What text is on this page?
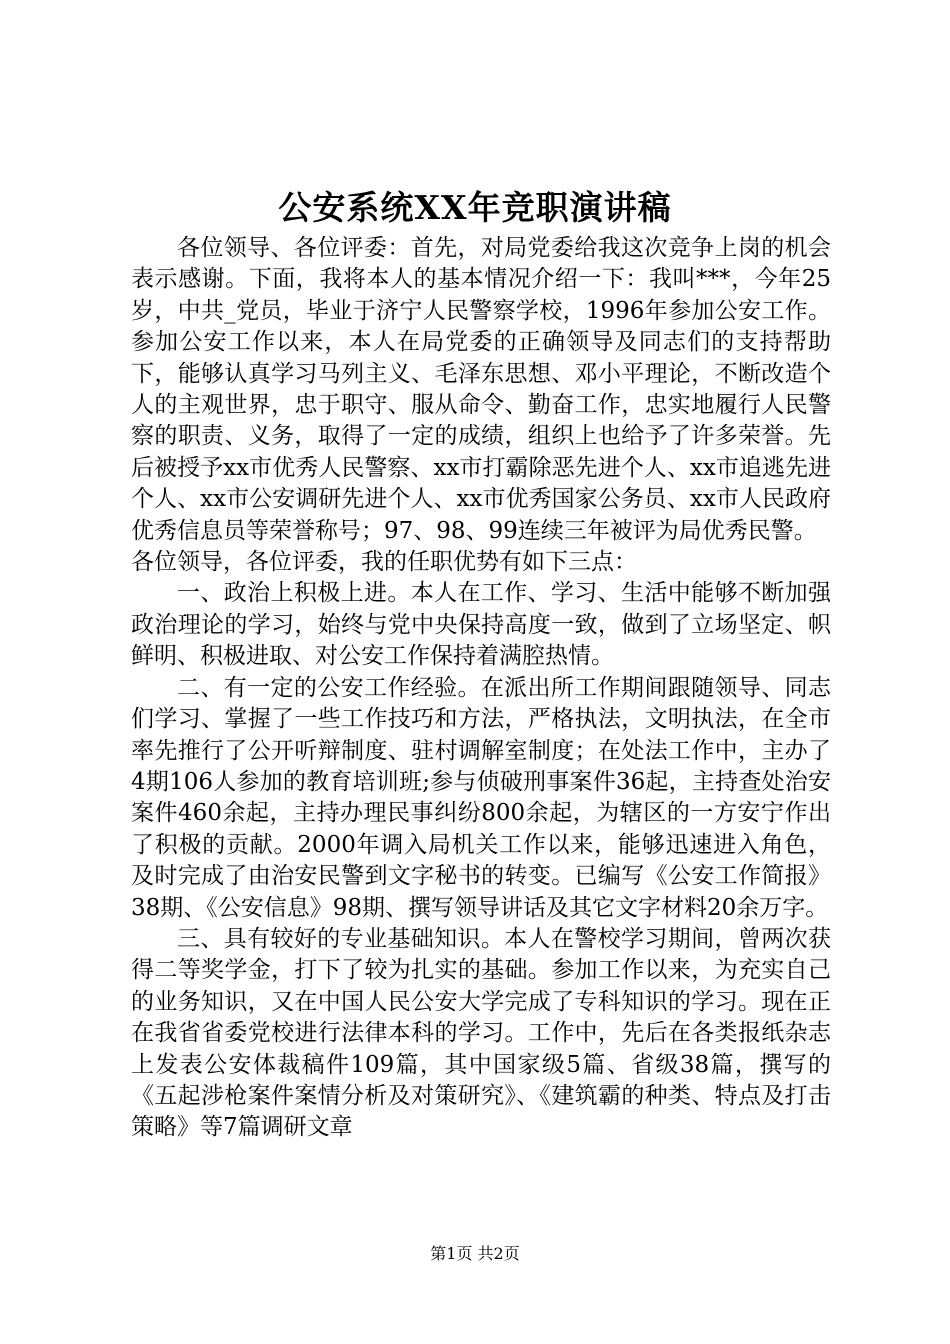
公安系统XX年竞职演讲稿

各位领导、各位评委：首先，对局党委给我这次竞争上岗的机会表示感谢。下面，我将本人的基本情况介绍一下：我叫***，今年25岁，中共_党员，毕业于济宁人民警察学校，1996年参加公安工作。参加公安工作以来，本人在局党委的正确领导及同志们的支持帮助下，能够认真学习马列主义、毛泽东思想、邓小平理论，不断改造个人的主观世界，忠于职守、服从命令、勤奋工作，忠实地履行人民警察的职责、义务，取得了一定的成绩，组织上也给予了许多荣誉。先后被授予xx市优秀人民警察、xx市打霸除恶先进个人、xx市追逃先进个人、xx市公安调研先进个人、xx市优秀国家公务员、xx市人民政府优秀信息员等荣誉称号；97、98、99连续三年被评为局优秀民警。

各位领导，各位评委，我的任职优势有如下三点：

一、政治上积极上进。本人在工作、学习、生活中能够不断加强政治理论的学习，始终与党中央保持高度一致，做到了立场坚定、帜鲜明、积极进取、对公安工作保持着满腔热情。

二、有一定的公安工作经验。在派出所工作期间跟随领导、同志们学习、掌握了一些工作技巧和方法，严格执法，文明执法，在全市率先推行了公开听辩制度、驻村调解室制度；在处法工作中，主办了4期106人参加的教育培训班;参与侦破刑事案件36起，主持查处治安案件460余起，主持办理民事纠纷800余起，为辖区的一方安宁作出了积极的贡献。2000年调入局机关工作以来，能够迅速进入角色，及时完成了由治安民警到文字秘书的转变。已编写《公安工作简报》38期、《公安信息》98期、撰写领导讲话及其它文字材料20余万字。

三、具有较好的专业基础知识。本人在警校学习期间，曾两次获得二等奖学金，打下了较为扎实的基础。参加工作以来，为充实自己的业务知识，又在中国人民公安大学完成了专科知识的学习。现在正在我省省委党校进行法律本科的学习。工作中，先后在各类报纸杂志上发表公安体裁稿件109篇，其中国家级5篇、省级38篇，撰写的《五起涉枪案件案情分析及对策研究》、《建筑霸的种类、特点及打击策略》等7篇调研文章

第1页 共2页
